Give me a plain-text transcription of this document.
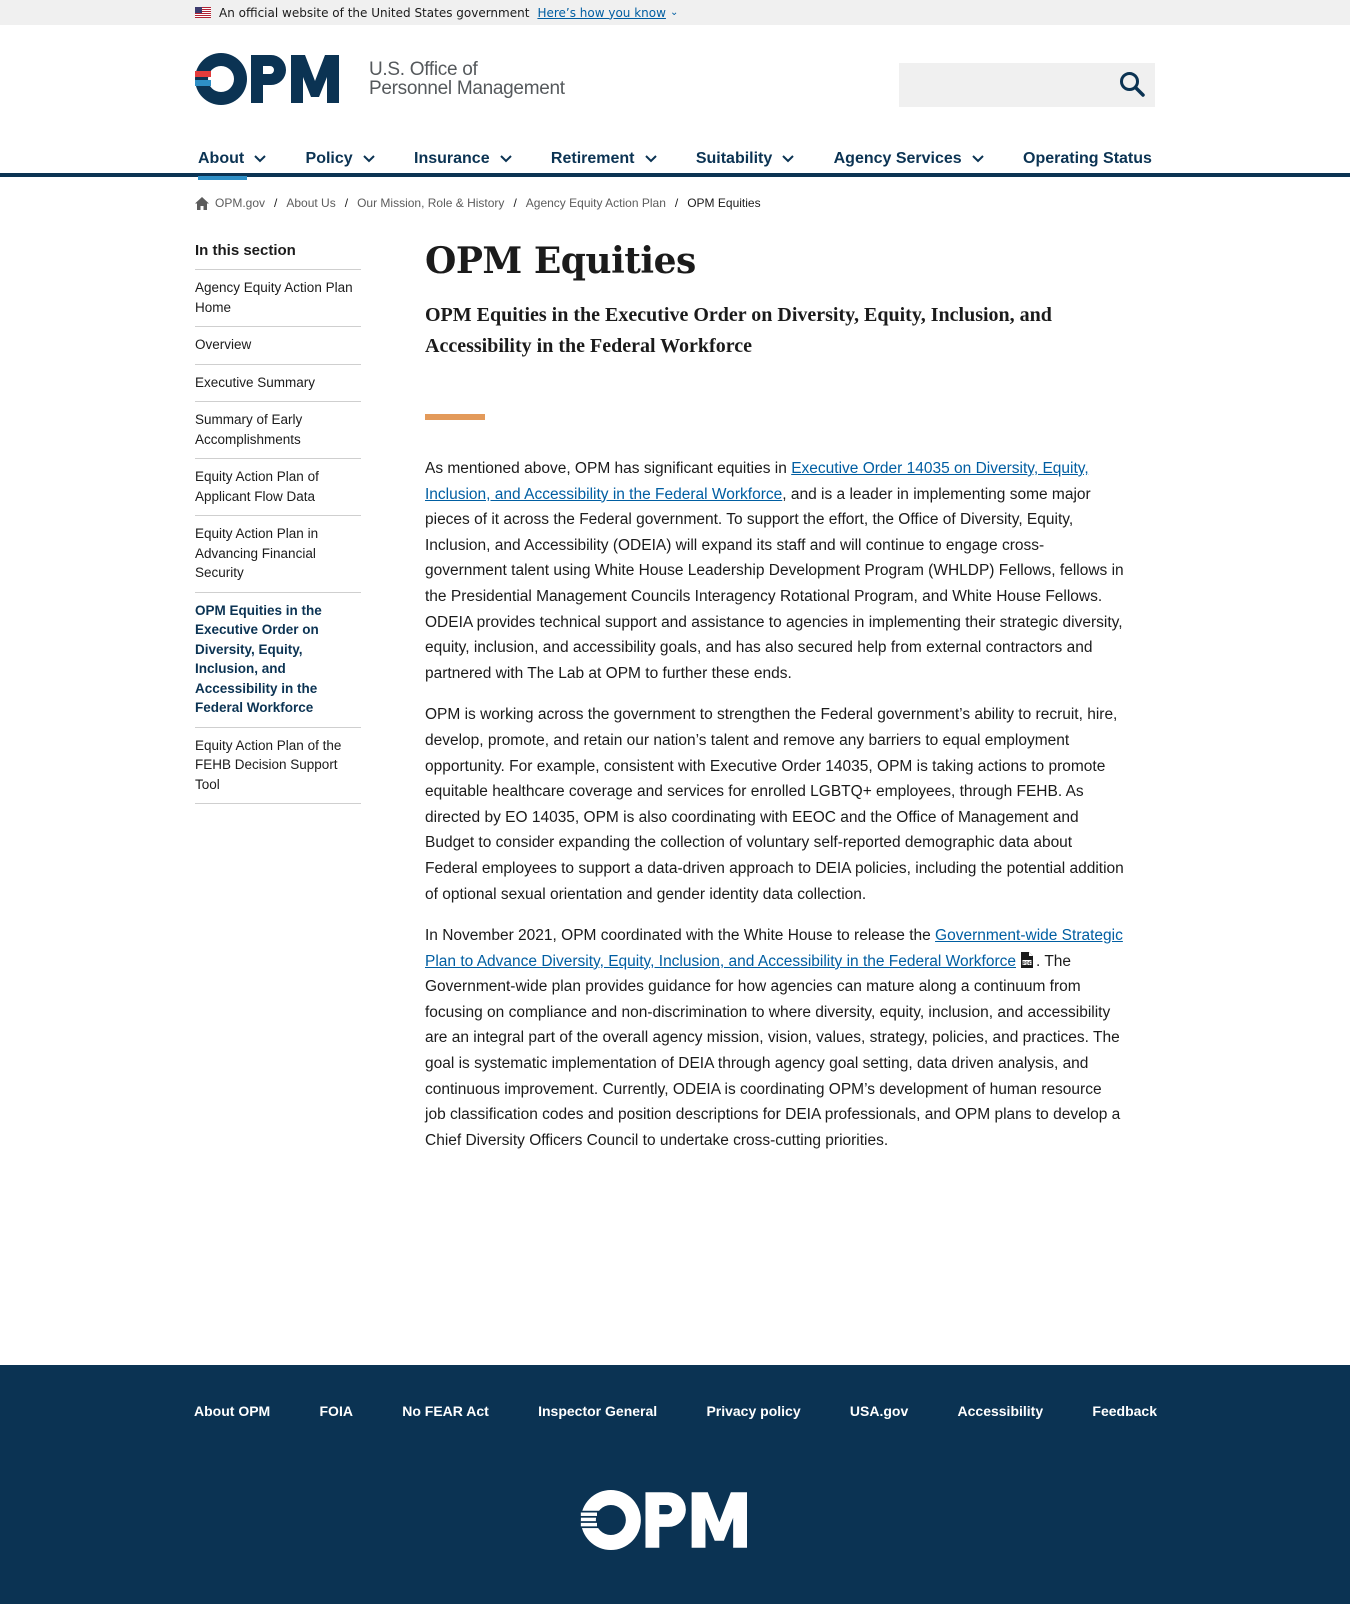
An official website of the United States government Here’s how you know ⌄
U.S. Office of
Personnel Management
About	Policy	Insurance	Retirement	Suitability	Agency Services	Operating Status
OPM.gov / About Us / Our Mission, Role & History / Agency Equity Action Plan / OPM Equities
In this section
Agency Equity Action Plan Home
Overview
Executive Summary
Summary of Early Accomplishments
Equity Action Plan of Applicant Flow Data
Equity Action Plan in Advancing Financial Security
OPM Equities in the Executive Order on Diversity, Equity, Inclusion, and Accessibility in the Federal Workforce
Equity Action Plan of the FEHB Decision Support Tool
OPM Equities
OPM Equities in the Executive Order on Diversity, Equity, Inclusion, and Accessibility in the Federal Workforce

As mentioned above, OPM has significant equities in Executive Order 14035 on Diversity, Equity, Inclusion, and Accessibility in the Federal Workforce, and is a leader in implementing some major pieces of it across the Federal government. To support the effort, the Office of Diversity, Equity, Inclusion, and Accessibility (ODEIA) will expand its staff and will continue to engage cross-government talent using White House Leadership Development Program (WHLDP) Fellows, fellows in the Presidential Management Councils Interagency Rotational Program, and White House Fellows. ODEIA provides technical support and assistance to agencies in implementing their strategic diversity, equity, inclusion, and accessibility goals, and has also secured help from external contractors and partnered with The Lab at OPM to further these ends.

OPM is working across the government to strengthen the Federal government’s ability to recruit, hire, develop, promote, and retain our nation’s talent and remove any barriers to equal employment opportunity. For example, consistent with Executive Order 14035, OPM is taking actions to promote equitable healthcare coverage and services for enrolled LGBTQ+ employees, through FEHB. As directed by EO 14035, OPM is also coordinating with EEOC and the Office of Management and Budget to consider expanding the collection of voluntary self-reported demographic data about Federal employees to support a data-driven approach to DEIA policies, including the potential addition of optional sexual orientation and gender identity data collection.

In November 2021, OPM coordinated with the White House to release the Government-wide Strategic Plan to Advance Diversity, Equity, Inclusion, and Accessibility in the Federal Workforce PDF . The Government-wide plan provides guidance for how agencies can mature along a continuum from focusing on compliance and non-discrimination to where diversity, equity, inclusion, and accessibility are an integral part of the overall agency mission, vision, values, strategy, policies, and practices. The goal is systematic implementation of DEIA through agency goal setting, data driven analysis, and continuous improvement. Currently, ODEIA is coordinating OPM’s development of human resource job classification codes and position descriptions for DEIA professionals, and OPM plans to develop a Chief Diversity Officers Council to undertake cross-cutting priorities.

About OPM	FOIA	No FEAR Act	Inspector General	Privacy policy	USA.gov	Accessibility	Feedback
